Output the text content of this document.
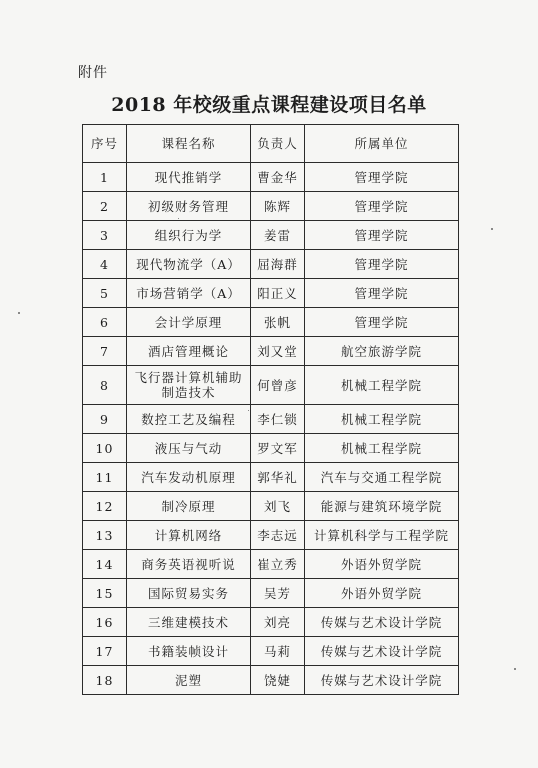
附件
2018 年校级重点课程建设项目名单
序号	课程名称	负责人	所属单位
1	现代推销学	曹金华	管理学院
2	初级财务管理	陈辉	管理学院
3	组织行为学	姜雷	管理学院
4	现代物流学（A）	屈海群	管理学院
5	市场营销学（A）	阳正义	管理学院
6	会计学原理	张帆	管理学院
7	酒店管理概论	刘又堂	航空旅游学院
8	飞行器计算机辅助制造技术	何曾彦	机械工程学院
9	数控工艺及编程	李仁锁	机械工程学院
10	液压与气动	罗文军	机械工程学院
11	汽车发动机原理	郭华礼	汽车与交通工程学院
12	制冷原理	刘飞	能源与建筑环境学院
13	计算机网络	李志远	计算机科学与工程学院
14	商务英语视听说	崔立秀	外语外贸学院
15	国际贸易实务	吴芳	外语外贸学院
16	三维建模技术	刘亮	传媒与艺术设计学院
17	书籍装帧设计	马莉	传媒与艺术设计学院
18	泥塑	饶婕	传媒与艺术设计学院
